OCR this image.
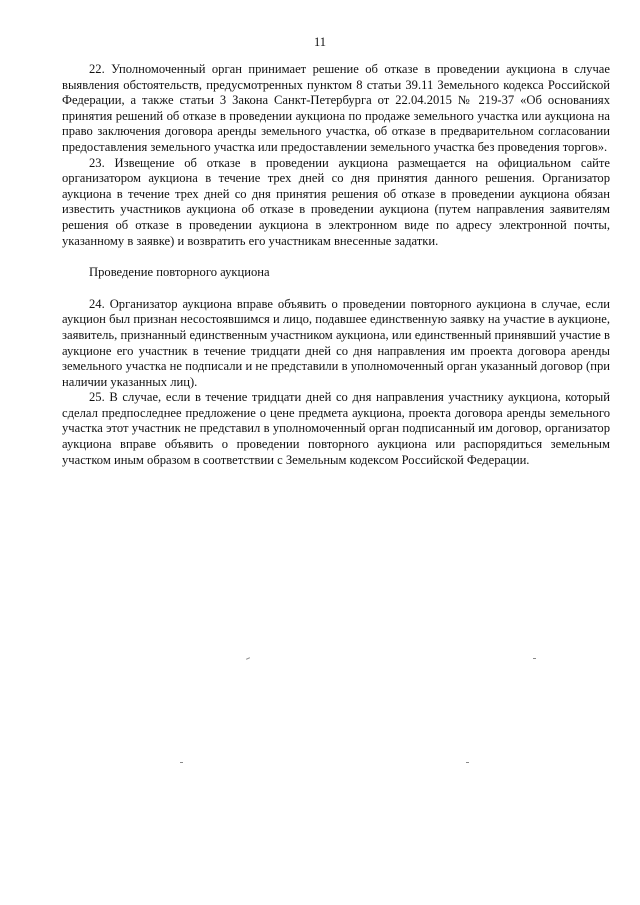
11

22. Уполномоченный орган принимает решение об отказе в проведении аукциона в случае выявления обстоятельств, предусмотренных пунктом 8 статьи 39.11 Земельного кодекса Российской Федерации, а также статьи 3 Закона Санкт-Петербурга от 22.04.2015 № 219-37 «Об основаниях принятия решений об отказе в проведении аукциона по продаже земельного участка или аукциона на право заключения договора аренды земельного участка, об отказе в предварительном согласовании предоставления земельного участка или предоставлении земельного участка без проведения торгов».

23. Извещение об отказе в проведении аукциона размещается на официальном сайте организатором аукциона в течение трех дней со дня принятия данного решения. Организатор аукциона в течение трех дней со дня принятия решения об отказе в проведении аукциона обязан известить участников аукциона об отказе в проведении аукциона (путем направления заявителям решения об отказе в проведении аукциона в электронном виде по адресу электронной почты, указанному в заявке) и возвратить его участникам внесенные задатки.

Проведение повторного аукциона

24. Организатор аукциона вправе объявить о проведении повторного аукциона в случае, если аукцион был признан несостоявшимся и лицо, подавшее единственную заявку на участие в аукционе, заявитель, признанный единственным участником аукциона, или единственный принявший участие в аукционе его участник в течение тридцати дней со дня направления им проекта договора аренды земельного участка не подписали и не представили в уполномоченный орган указанный договор (при наличии указанных лиц).

25. В случае, если в течение тридцати дней со дня направления участнику аукциона, который сделал предпоследнее предложение о цене предмета аукциона, проекта договора аренды земельного участка этот участник не представил в уполномоченный орган подписанный им договор, организатор аукциона вправе объявить о проведении повторного аукциона или распорядиться земельным участком иным образом в соответствии с Земельным кодексом Российской Федерации.
